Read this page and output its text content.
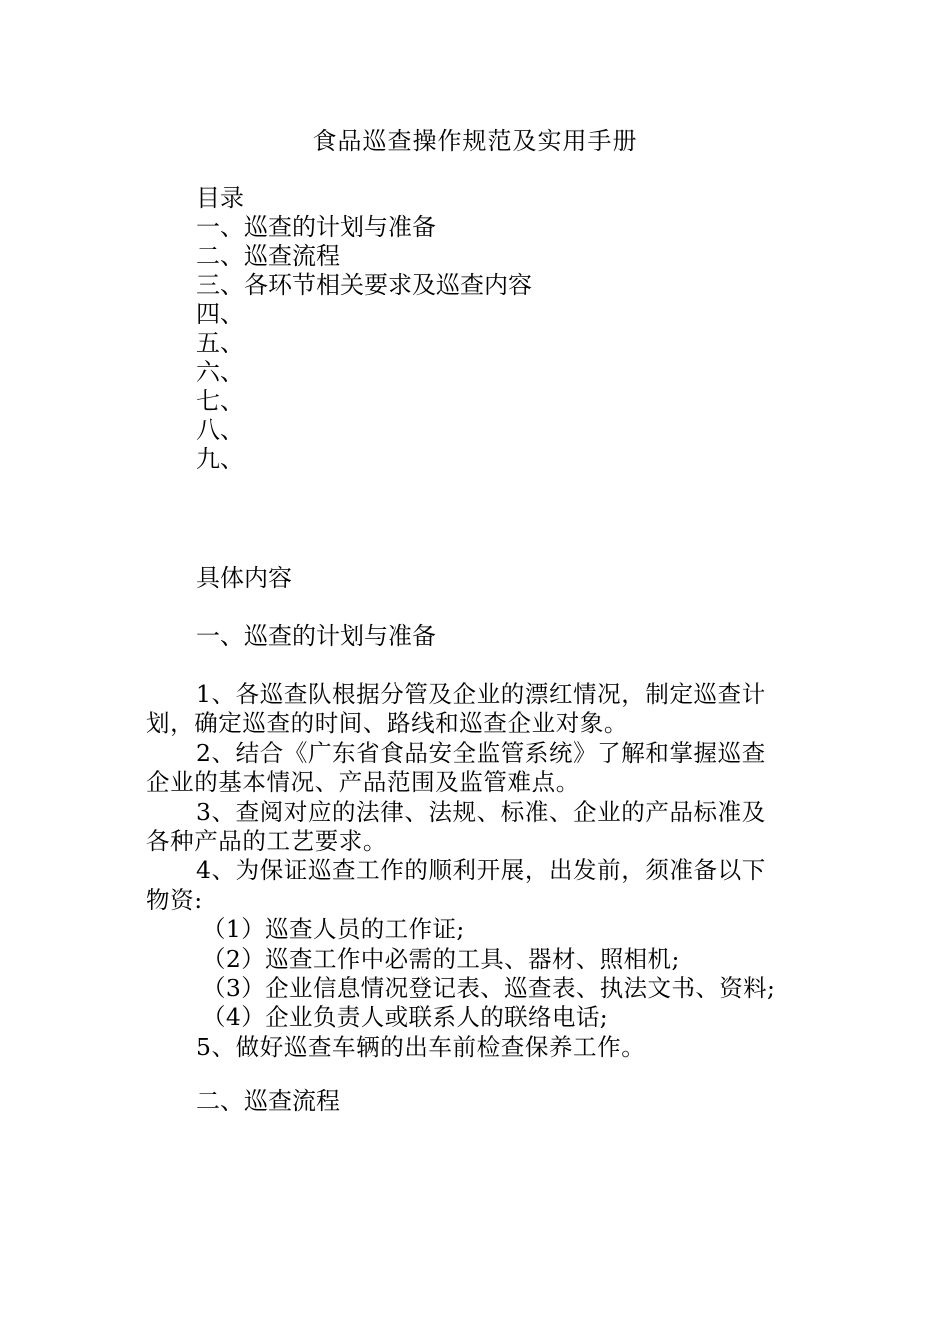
食品巡查操作规范及实用手册
目录
一、巡查的计划与准备
二、巡查流程
三、各环节相关要求及巡查内容
四、
五、
六、
七、
八、
九、
具体内容
一、巡查的计划与准备
1、各巡查队根据分管及企业的漂红情况，制定巡查计
划，确定巡查的时间、路线和巡查企业对象。
2、结合《广东省食品安全监管系统》了解和掌握巡查
企业的基本情况、产品范围及监管难点。
3、查阅对应的法律、法规、标准、企业的产品标准及
各种产品的工艺要求。
4、为保证巡查工作的顺利开展，出发前，须准备以下
物资:
（1）巡查人员的工作证;
（2）巡查工作中必需的工具、器材、照相机;
（3）企业信息情况登记表、巡查表、执法文书、资料;
（4）企业负责人或联系人的联络电话;
5、做好巡查车辆的出车前检查保养工作。
二、巡查流程
